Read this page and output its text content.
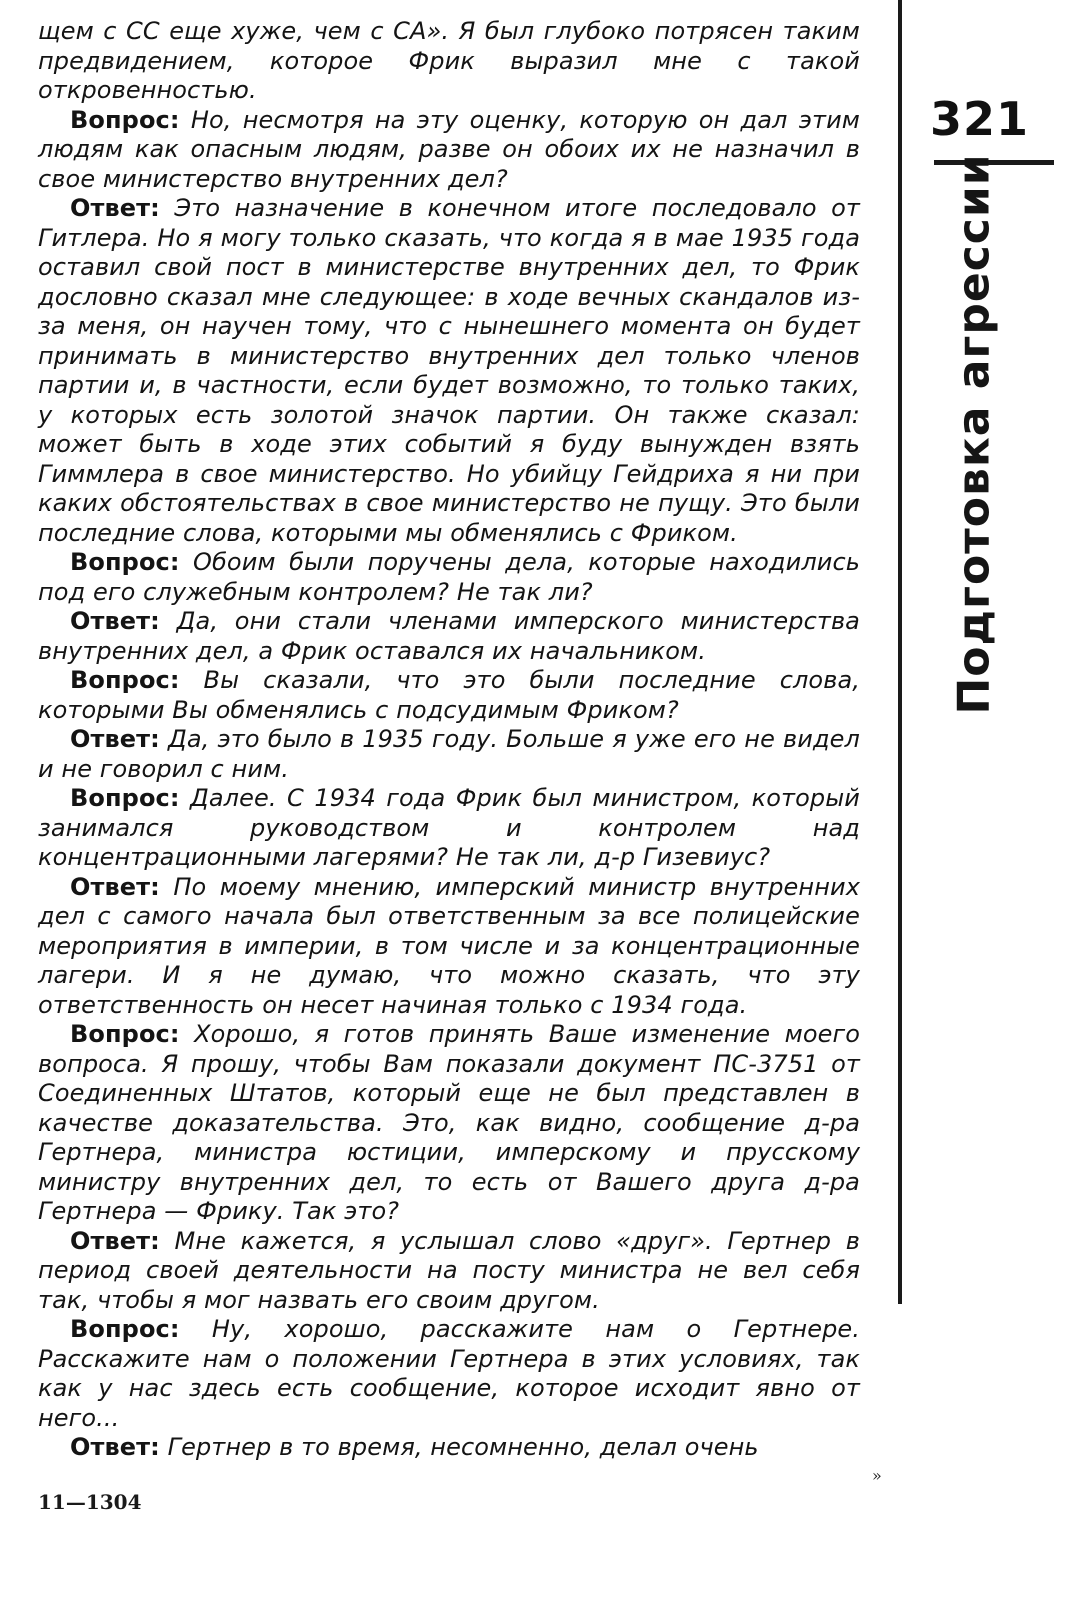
щем с СС еще хуже, чем с СА». Я был глубоко потрясен таким предвидением, которое Фрик выразил мне с такой откровенностью.

Вопрос: Но, несмотря на эту оценку, которую он дал этим людям как опасным людям, разве он обоих их не назначил в свое министерство внутренних дел?

Ответ: Это назначение в конечном итоге последовало от Гитлера. Но я могу только сказать, что когда я в мае 1935 года оставил свой пост в министерстве внутренних дел, то Фрик дословно сказал мне следующее: в ходе вечных скандалов из-за меня, он научен тому, что с нынешнего момента он будет принимать в министерство внутренних дел только членов партии и, в частности, если будет возможно, то только таких, у которых есть золотой значок партии. Он также сказал: может быть в ходе этих событий я буду вынужден взять Гиммлера в свое министерство. Но убийцу Гейдриха я ни при каких обстоятельствах в свое министерство не пущу. Это были последние слова, которыми мы обменялись с Фриком.

Вопрос: Обоим были поручены дела, которые находились под его служебным контролем? Не так ли?

Ответ: Да, они стали членами имперского министерства внутренних дел, а Фрик оставался их начальником.

Вопрос: Вы сказали, что это были последние слова, которыми Вы обменялись с подсудимым Фриком?

Ответ: Да, это было в 1935 году. Больше я уже его не видел и не говорил с ним.

Вопрос: Далее. С 1934 года Фрик был министром, который занимался руководством и контролем над концентрационными лагерями? Не так ли, д-р Гизевиус?

Ответ: По моему мнению, имперский министр внутренних дел с самого начала был ответственным за все полицейские мероприятия в империи, в том числе и за концентрационные лагери. И я не думаю, что можно сказать, что эту ответственность он несет начиная только с 1934 года.

Вопрос: Хорошо, я готов принять Ваше изменение моего вопроса. Я прошу, чтобы Вам показали документ ПС-3751 от Соединенных Штатов, который еще не был представлен в качестве доказательства. Это, как видно, сообщение д-ра Гертнера, министра юстиции, имперскому и прусскому министру внутренних дел, то есть от Вашего друга д-ра Гертнера — Фрику. Так это?

Ответ: Мне кажется, я услышал слово «друг». Гертнер в период своей деятельности на посту министра не вел себя так, чтобы я мог назвать его своим другом.

Вопрос: Ну, хорошо, расскажите нам о Гертнере. Расскажите нам о положении Гертнера в этих условиях, так как у нас здесь есть сообщение, которое исходит явно от него...

Ответ: Гертнер в то время, несомненно, делал очень

321
Подготовка агрессии
»
11—1304
